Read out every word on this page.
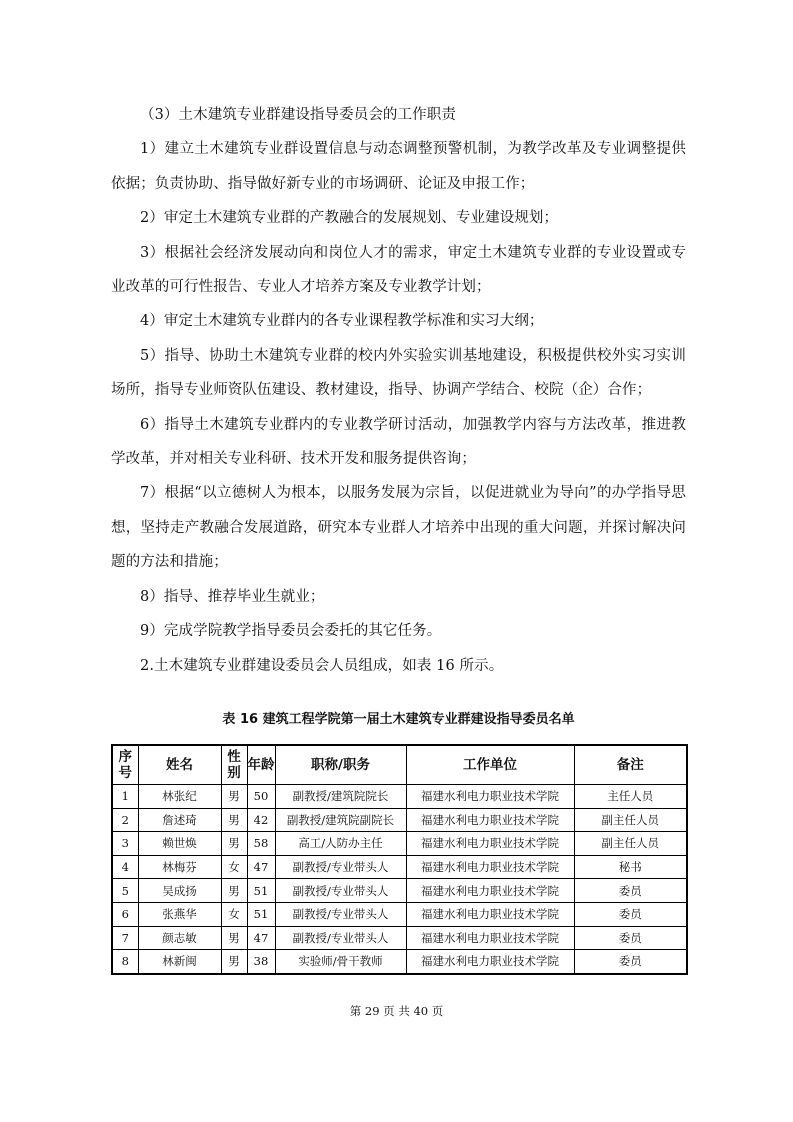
（3）土木建筑专业群建设指导委员会的工作职责

1）建立土木建筑专业群设置信息与动态调整预警机制，为教学改革及专业调整提供依据；负责协助、指导做好新专业的市场调研、论证及申报工作；

2）审定土木建筑专业群的产教融合的发展规划、专业建设规划；

3）根据社会经济发展动向和岗位人才的需求，审定土木建筑专业群的专业设置或专业改革的可行性报告、专业人才培养方案及专业教学计划；

4）审定土木建筑专业群内的各专业课程教学标准和实习大纲；

5）指导、协助土木建筑专业群的校内外实验实训基地建设，积极提供校外实习实训场所，指导专业师资队伍建设、教材建设，指导、协调产学结合、校院（企）合作；

6）指导土木建筑专业群内的专业教学研讨活动，加强教学内容与方法改革，推进教学改革，并对相关专业科研、技术开发和服务提供咨询；

7）根据“以立德树人为根本，以服务发展为宗旨，以促进就业为导向”的办学指导思想，坚持走产教融合发展道路，研究本专业群人才培养中出现的重大问题，并探讨解决问题的方法和措施；

8）指导、推荐毕业生就业；

9）完成学院教学指导委员会委托的其它任务。

2.土木建筑专业群建设委员会人员组成，如表 16 所示。

表 16 建筑工程学院第一届土木建筑专业群建设指导委员名单
序号	姓名	性别	年龄	职称/职务	工作单位	备注
1	林张纪	男	50	副教授/建筑院院长	福建水利电力职业技术学院	主任人员
2	詹述琦	男	42	副教授/建筑院副院长	福建水利电力职业技术学院	副主任人员
3	赖世焕	男	58	高工/人防办主任	福建水利电力职业技术学院	副主任人员
4	林梅芬	女	47	副教授/专业带头人	福建水利电力职业技术学院	秘书
5	吴成扬	男	51	副教授/专业带头人	福建水利电力职业技术学院	委员
6	张燕华	女	51	副教授/专业带头人	福建水利电力职业技术学院	委员
7	颜志敏	男	47	副教授/专业带头人	福建水利电力职业技术学院	委员
8	林新闽	男	38	实验师/骨干教师	福建水利电力职业技术学院	委员
第 29 页 共 40 页
